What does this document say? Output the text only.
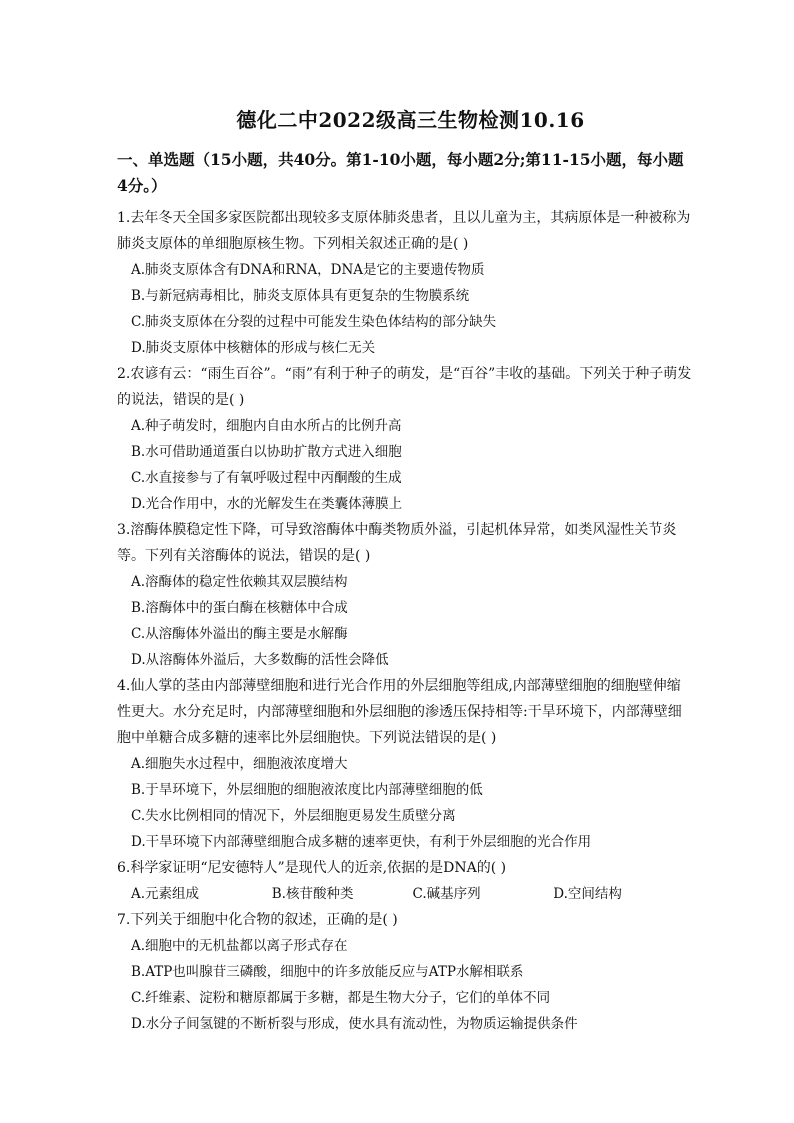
德化二中2022级高三生物检测10.16
一、单选题（15小题，共40分。第1-10小题，每小题2分;第11-15小题，每小题4分。）

1.去年冬天全国多家医院都出现较多支原体肺炎患者，且以儿童为主，其病原体是一种被称为肺炎支原体的单细胞原核生物。下列相关叙述正确的是( )

A.肺炎支原体含有DNA和RNA，DNA是它的主要遗传物质

B.与新冠病毒相比，肺炎支原体具有更复杂的生物膜系统

C.肺炎支原体在分裂的过程中可能发生染色体结构的部分缺失

D.肺炎支原体中核糖体的形成与核仁无关

2.农谚有云：“雨生百谷”。“雨”有利于种子的萌发，是“百谷”丰收的基础。下列关于种子萌发的说法，错误的是( )

A.种子萌发时，细胞内自由水所占的比例升高

B.水可借助通道蛋白以协助扩散方式进入细胞

C.水直接参与了有氧呼吸过程中丙酮酸的生成

D.光合作用中，水的光解发生在类囊体薄膜上

3.溶酶体膜稳定性下降，可导致溶酶体中酶类物质外溢，引起机体异常，如类风湿性关节炎等。下列有关溶酶体的说法，错误的是( )

A.溶酶体的稳定性依赖其双层膜结构

B.溶酶体中的蛋白酶在核糖体中合成

C.从溶酶体外溢出的酶主要是水解酶

D.从溶酶体外溢后，大多数酶的活性会降低

4.仙人掌的茎由内部薄壁细胞和进行光合作用的外层细胞等组成,内部薄壁细胞的细胞壁伸缩性更大。水分充足时，内部薄壁细胞和外层细胞的渗透压保持相等:干旱环境下，内部薄壁细胞中单糖合成多糖的速率比外层细胞快。下列说法错误的是( )

A.细胞失水过程中，细胞液浓度增大

B.于旱环境下，外层细胞的细胞液浓度比内部薄壁细胞的低

C.失水比例相同的情况下，外层细胞更易发生质壁分离

D.干旱环境下内部薄壁细胞合成多糖的速率更快，有利于外层细胞的光合作用

6.科学家证明“尼安德特人”是现代人的近亲,依据的是DNA的( )

A.元素组成	B.核苷酸种类	C.碱基序列	D.空间结构

7.下列关于细胞中化合物的叙述，正确的是( )

A.细胞中的无机盐都以离子形式存在

B.ATP也叫腺苷三磷酸，细胞中的许多放能反应与ATP水解相联系

C.纤维素、淀粉和糖原都属于多糖，都是生物大分子，它们的单体不同

D.水分子间氢键的不断析裂与形成，使水具有流动性，为物质运输提供条件
